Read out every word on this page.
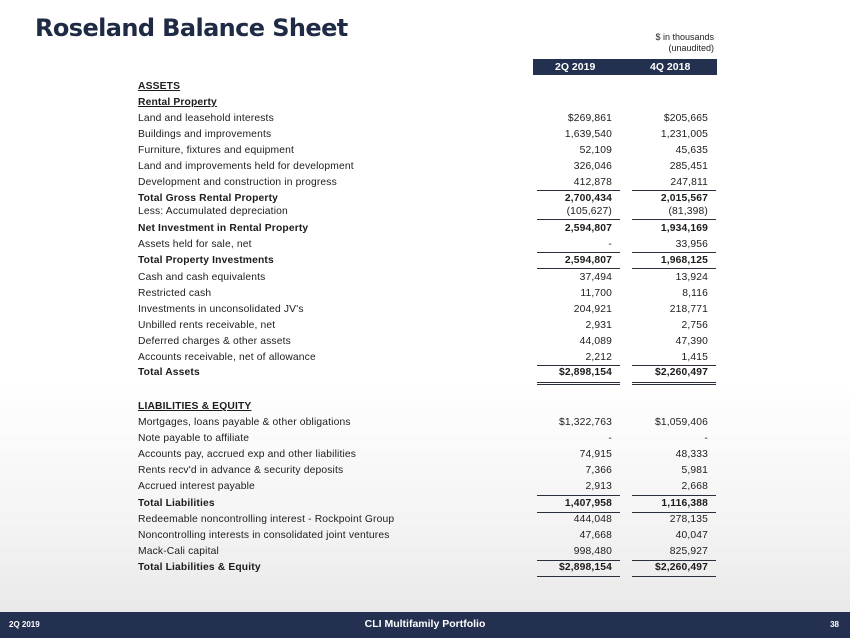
Roseland Balance Sheet	$ in thousands
(unaudited)
2Q 2019	4Q 2018
ASSETS
Rental Property
Land and leasehold interests	$269,861	$205,665
Buildings and improvements	1,639,540	1,231,005
Furniture, fixtures and equipment	52,109	45,635
Land and improvements held for development	326,046	285,451
Development and construction in progress	412,878	247,811
Total Gross Rental Property	2,700,434	2,015,567
Less: Accumulated depreciation	(105,627)	(81,398)
Net Investment in Rental Property	2,594,807	1,934,169
Assets held for sale, net	-	33,956
Total Property Investments	2,594,807	1,968,125
Cash and cash equivalents	37,494	13,924
Restricted cash	11,700	8,116
Investments in unconsolidated JV's	204,921	218,771
Unbilled rents receivable, net	2,931	2,756
Deferred charges & other assets	44,089	47,390
Accounts receivable, net of allowance	2,212	1,415
Total Assets	$2,898,154	$2,260,497
LIABILITIES & EQUITY
Mortgages, loans payable & other obligations	$1,322,763	$1,059,406
Note payable to affiliate	-	-
Accounts pay, accrued exp and other liabilities	74,915	48,333
Rents recv'd in advance & security deposits	7,366	5,981
Accrued interest payable	2,913	2,668
Total Liabilities	1,407,958	1,116,388
Redeemable noncontrolling interest - Rockpoint Group	444,048	278,135
Noncontrolling interests in consolidated joint ventures	47,668	40,047
Mack-Cali capital	998,480	825,927
Total Liabilities & Equity	$2,898,154	$2,260,497
2Q 2019	CLI Multifamily Portfolio	38
